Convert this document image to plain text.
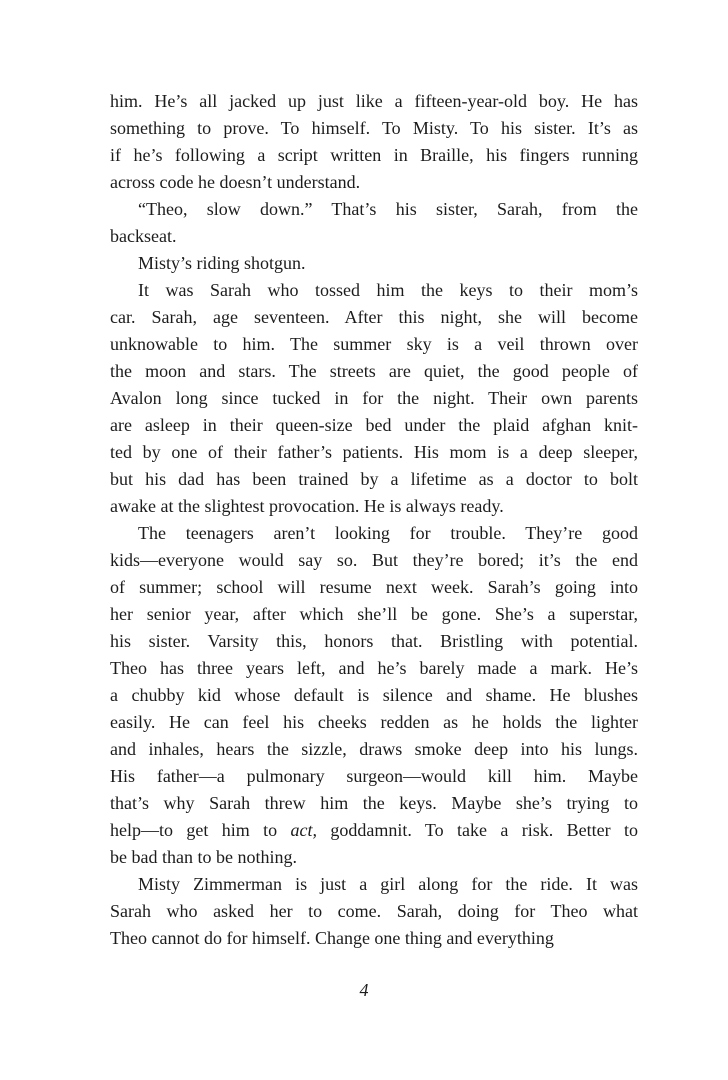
him. He’s all jacked up just like a fifteen-year-old boy. He has
something to prove. To himself. To Misty. To his sister. It’s as
if he’s following a script written in Braille, his fingers running
across code he doesn’t understand.
“Theo, slow down.” That’s his sister, Sarah, from the
backseat.
Misty’s riding shotgun.
It was Sarah who tossed him the keys to their mom’s
car. Sarah, age seventeen. After this night, she will become
unknowable to him. The summer sky is a veil thrown over
the moon and stars. The streets are quiet, the good people of
Avalon long since tucked in for the night. Their own parents
are asleep in their queen-size bed under the plaid afghan knit-
ted by one of their father’s patients. His mom is a deep sleeper,
but his dad has been trained by a lifetime as a doctor to bolt
awake at the slightest provocation. He is always ready.
The teenagers aren’t looking for trouble. They’re good
kids—everyone would say so. But they’re bored; it’s the end
of summer; school will resume next week. Sarah’s going into
her senior year, after which she’ll be gone. She’s a superstar,
his sister. Varsity this, honors that. Bristling with potential.
Theo has three years left, and he’s barely made a mark. He’s
a chubby kid whose default is silence and shame. He blushes
easily. He can feel his cheeks redden as he holds the lighter
and inhales, hears the sizzle, draws smoke deep into his lungs.
His father—a pulmonary surgeon—would kill him. Maybe
that’s why Sarah threw him the keys. Maybe she’s trying to
help—to get him to act, goddamnit. To take a risk. Better to
be bad than to be nothing.
Misty Zimmerman is just a girl along for the ride. It was
Sarah who asked her to come. Sarah, doing for Theo what
Theo cannot do for himself. Change one thing and everything
4
